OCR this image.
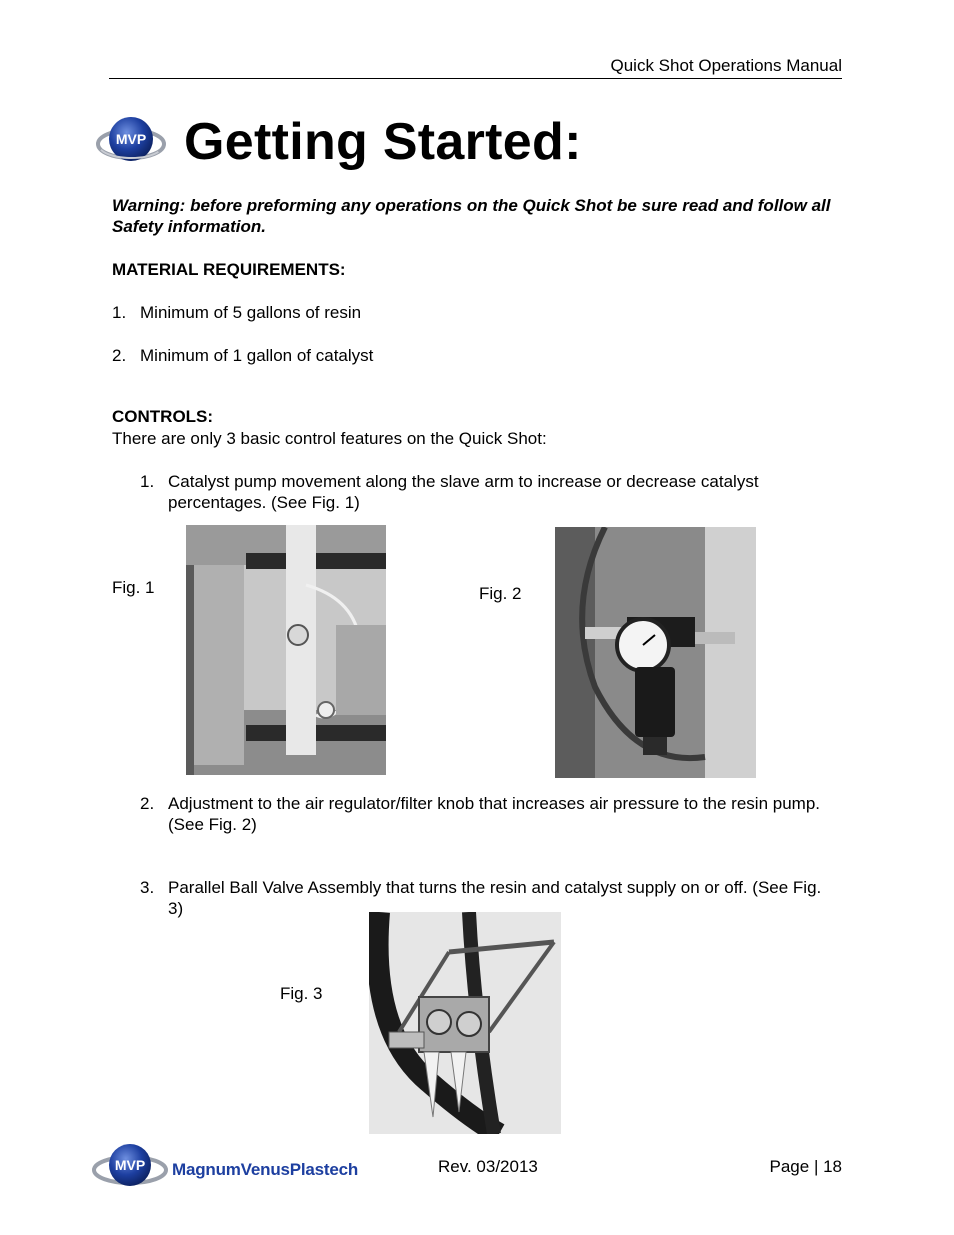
Quick Shot Operations Manual
MVP Getting Started:
Warning: before preforming any operations on the Quick Shot be sure read and follow all Safety information.
MATERIAL REQUIREMENTS:
1. Minimum of 5 gallons of resin
2. Minimum of 1 gallon of catalyst
CONTROLS:
There are only 3 basic control features on the Quick Shot:
1. Catalyst pump movement along the slave arm to increase or decrease catalyst percentages. (See Fig. 1)
Fig. 1	Fig. 2
2. Adjustment to the air regulator/filter knob that increases air pressure to the resin pump. (See Fig. 2)
3. Parallel Ball Valve Assembly that turns the resin and catalyst supply on or off. (See Fig. 3)
Fig. 3
MVP MagnumVenusPlastech	Rev. 03/2013	Page | 18
